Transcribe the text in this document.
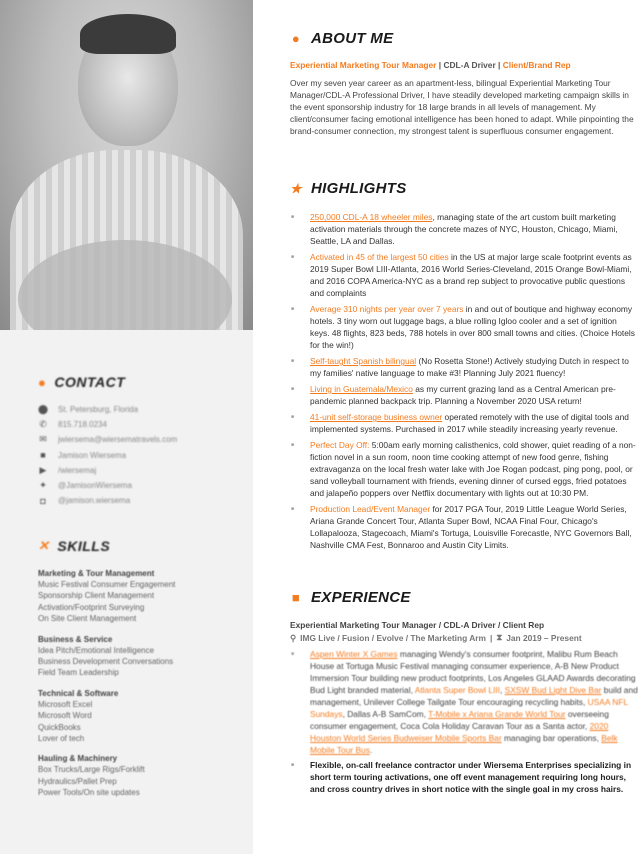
● CONTACT
⬤ St. Petersburg, Florida
✆ 815.718.0234
✉ jwiersema@wiersematravels.com
■ Jamison Wiersema
▶ /wiersemaj
✦ @JamisonWiersema
◘ @jamison.wiersema
✕ SKILLS
Marketing & Tour Management
Music Festival Consumer Engagement
Sponsorship Client Management
Activation/Footprint Surveying
On Site Client Management
Business & Service
Idea Pitch/Emotional Intelligence
Business Development Conversations
Field Team Leadership
Technical & Software
Microsoft Excel
Microsoft Word
QuickBooks
Lover of tech
Hauling & Machinery
Box Trucks/Large Rigs/Forklift
Hydraulics/Pallet Prep
Power Tools/On site updates
● ABOUT ME
Experiential Marketing Tour Manager | CDL-A Driver | Client/Brand Rep
Over my seven year career as an apartment-less, bilingual Experiential Marketing Tour Manager/CDL-A Professional Driver, I have steadily developed marketing campaign skills in the event sponsorship industry for 18 large brands in all levels of management. My client/consumer facing emotional intelligence has been honed to adapt. While pinpointing the brand-consumer connection, my strongest talent is superfluous consumer engagement.
★ HIGHLIGHTS
■ 250,000 CDL-A 18 wheeler miles, managing state of the art custom built marketing activation materials through the concrete mazes of NYC, Houston, Chicago, Miami, Seattle, LA and Dallas.
■ Activated in 45 of the largest 50 cities in the US at major large scale footprint events as 2019 Super Bowl LIII-Atlanta, 2016 World Series-Cleveland, 2015 Orange Bowl-Miami, and 2016 COPA America-NYC as a brand rep subject to provocative public questions and complaints
■ Average 310 nights per year over 7 years in and out of boutique and highway economy hotels. 3 tiny worn out luggage bags, a blue rolling Igloo cooler and a set of ignition keys. 48 flights, 823 beds, 788 hotels in over 800 small towns and cities. (Choice Hotels for the win!)
■ Self-taught Spanish bilingual (No Rosetta Stone!) Actively studying Dutch in respect to my families' native language to make #3! Planning July 2021 fluency!
■ Living in Guatemala/Mexico as my current grazing land as a Central American pre-pandemic planned backpack trip. Planning a November 2020 USA return!
■ 41-unit self-storage business owner operated remotely with the use of digital tools and implemented systems. Purchased in 2017 while steadily increasing yearly revenue.
■ Perfect Day Off: 5:00am early morning calisthenics, cold shower, quiet reading of a non-fiction novel in a sun room, noon time cooking attempt of new food genre, fishing extravaganza on the local fresh water lake with Joe Rogan podcast, ping pong, pool, or sand volleyball tournament with friends, evening dinner of cursed eggs, fried potatoes and jalapeño poppers over Netflix documentary with lights out at 10:30 PM.
■ Production Lead/Event Manager for 2017 PGA Tour, 2019 Little League World Series, Ariana Grande Concert Tour, Atlanta Super Bowl, NCAA Final Four, Chicago's Lollapalooza, Stagecoach, Miami's Tortuga, Louisville Forecastle, NYC Governors Ball, Nashville CMA Fest, Bonnaroo and Austin City Limits.
■ EXPERIENCE
Experiential Marketing Tour Manager / CDL-A Driver / Client Rep
⚲ IMG Live / Fusion / Evolve / The Marketing Arm | ⧗ Jan 2019 – Present
■ Aspen Winter X Games managing Wendy's consumer footprint, Malibu Rum Beach House at Tortuga Music Festival managing consumer experience, A-B New Product Immersion Tour building new product footprints, Los Angeles GLAAD Awards decorating Bud Light branded material, Atlanta Super Bowl LIII, SXSW Bud Light Dive Bar build and management, Unilever College Tailgate Tour encouraging recycling habits, USAA NFL Sundays, Dallas A-B SamCom, T-Mobile x Ariana Grande World Tour overseeing consumer engagement, Coca Cola Holiday Caravan Tour as a Santa actor, 2020 Houston World Series Budweiser Mobile Sports Bar managing bar operations, Belk Mobile Tour Bus.
■ Flexible, on-call freelance contractor under Wiersema Enterprises specializing in short term touring activations, one off event management requiring long hours, and cross country drives in short notice with the single goal in my cross hairs.
